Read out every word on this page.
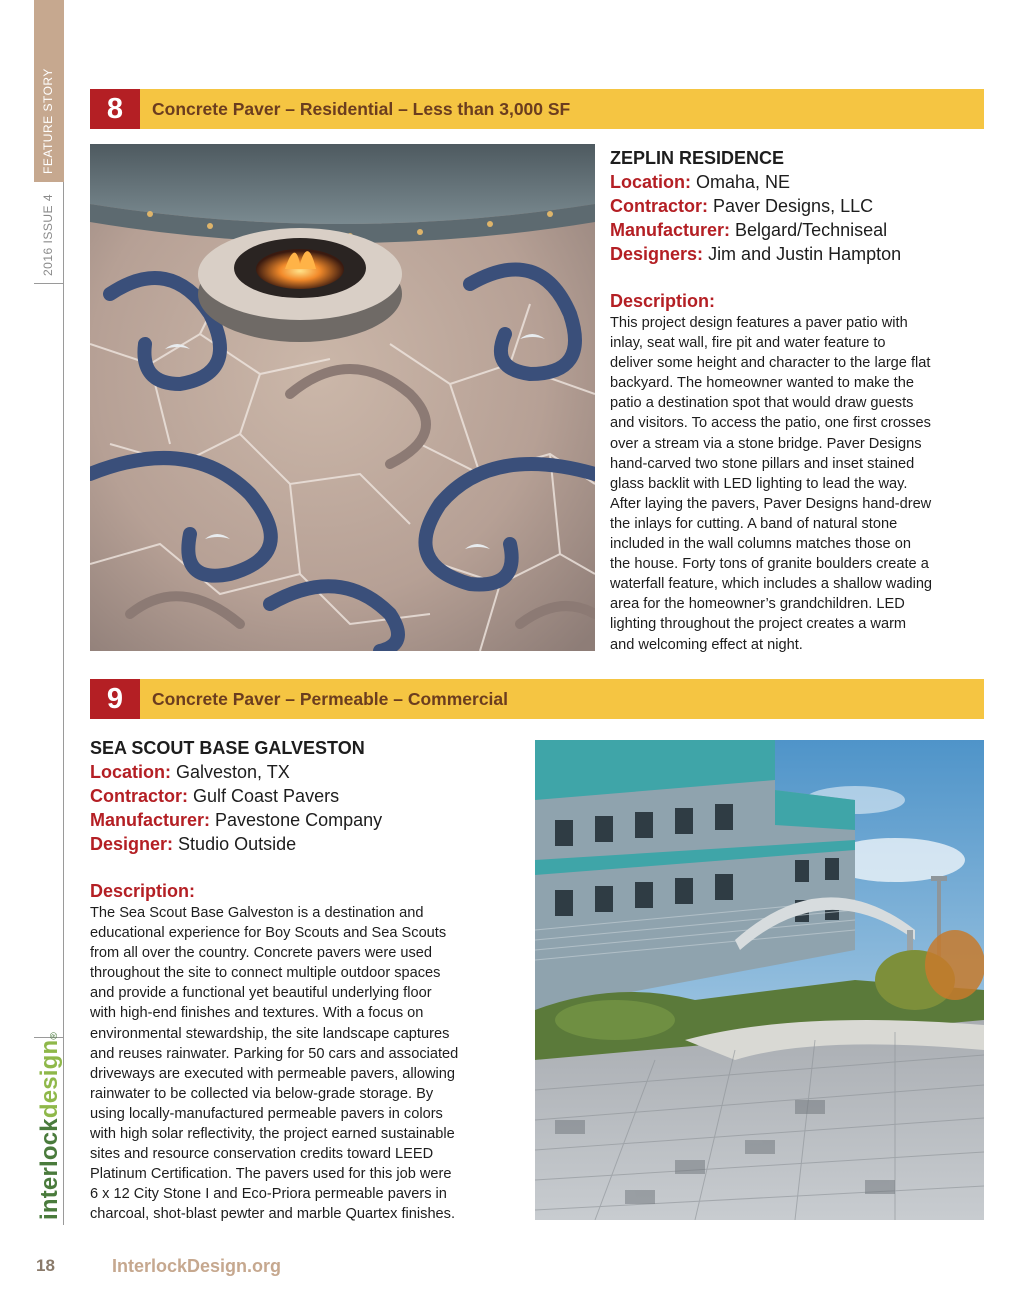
FEATURE STORY
2016 ISSUE 4
interlockdesign®
8	Concrete Paver – Residential – Less than 3,000 SF
ZEPLIN RESIDENCE
Location: Omaha, NE
Contractor: Paver Designs, LLC
Manufacturer: Belgard/Techniseal
Designers: Jim and Justin Hampton
Description:
This project design features a paver patio with
inlay, seat wall, fire pit and water feature to
deliver some height and character to the large flat
backyard. The homeowner wanted to make the
patio a destination spot that would draw guests
and visitors. To access the patio, one first crosses
over a stream via a stone bridge. Paver Designs
hand-carved two stone pillars and inset stained
glass backlit with LED lighting to lead the way.
After laying the pavers, Paver Designs hand-drew
the inlays for cutting. A band of natural stone
included in the wall columns matches those on
the house. Forty tons of granite boulders create a
waterfall feature, which includes a shallow wading
area for the homeowner’s grandchildren. LED
lighting throughout the project creates a warm
and welcoming effect at night.
9	Concrete Paver – Permeable – Commercial
SEA SCOUT BASE GALVESTON
Location: Galveston, TX
Contractor: Gulf Coast Pavers
Manufacturer: Pavestone Company
Designer: Studio Outside
Description:
The Sea Scout Base Galveston is a destination and
educational experience for Boy Scouts and Sea Scouts
from all over the country. Concrete pavers were used
throughout the site to connect multiple outdoor spaces
and provide a functional yet beautiful underlying floor
with high-end finishes and textures. With a focus on
environmental stewardship, the site landscape captures
and reuses rainwater. Parking for 50 cars and associated
driveways are executed with permeable pavers, allowing
rainwater to be collected via below-grade storage. By
using locally-manufactured permeable pavers in colors
with high solar reflectivity, the project earned sustainable
sites and resource conservation credits toward LEED
Platinum Certification. The pavers used for this job were
6 x 12 City Stone I and Eco-Priora permeable pavers in
charcoal, shot-blast pewter and marble Quartex finishes.
18	InterlockDesign.org
